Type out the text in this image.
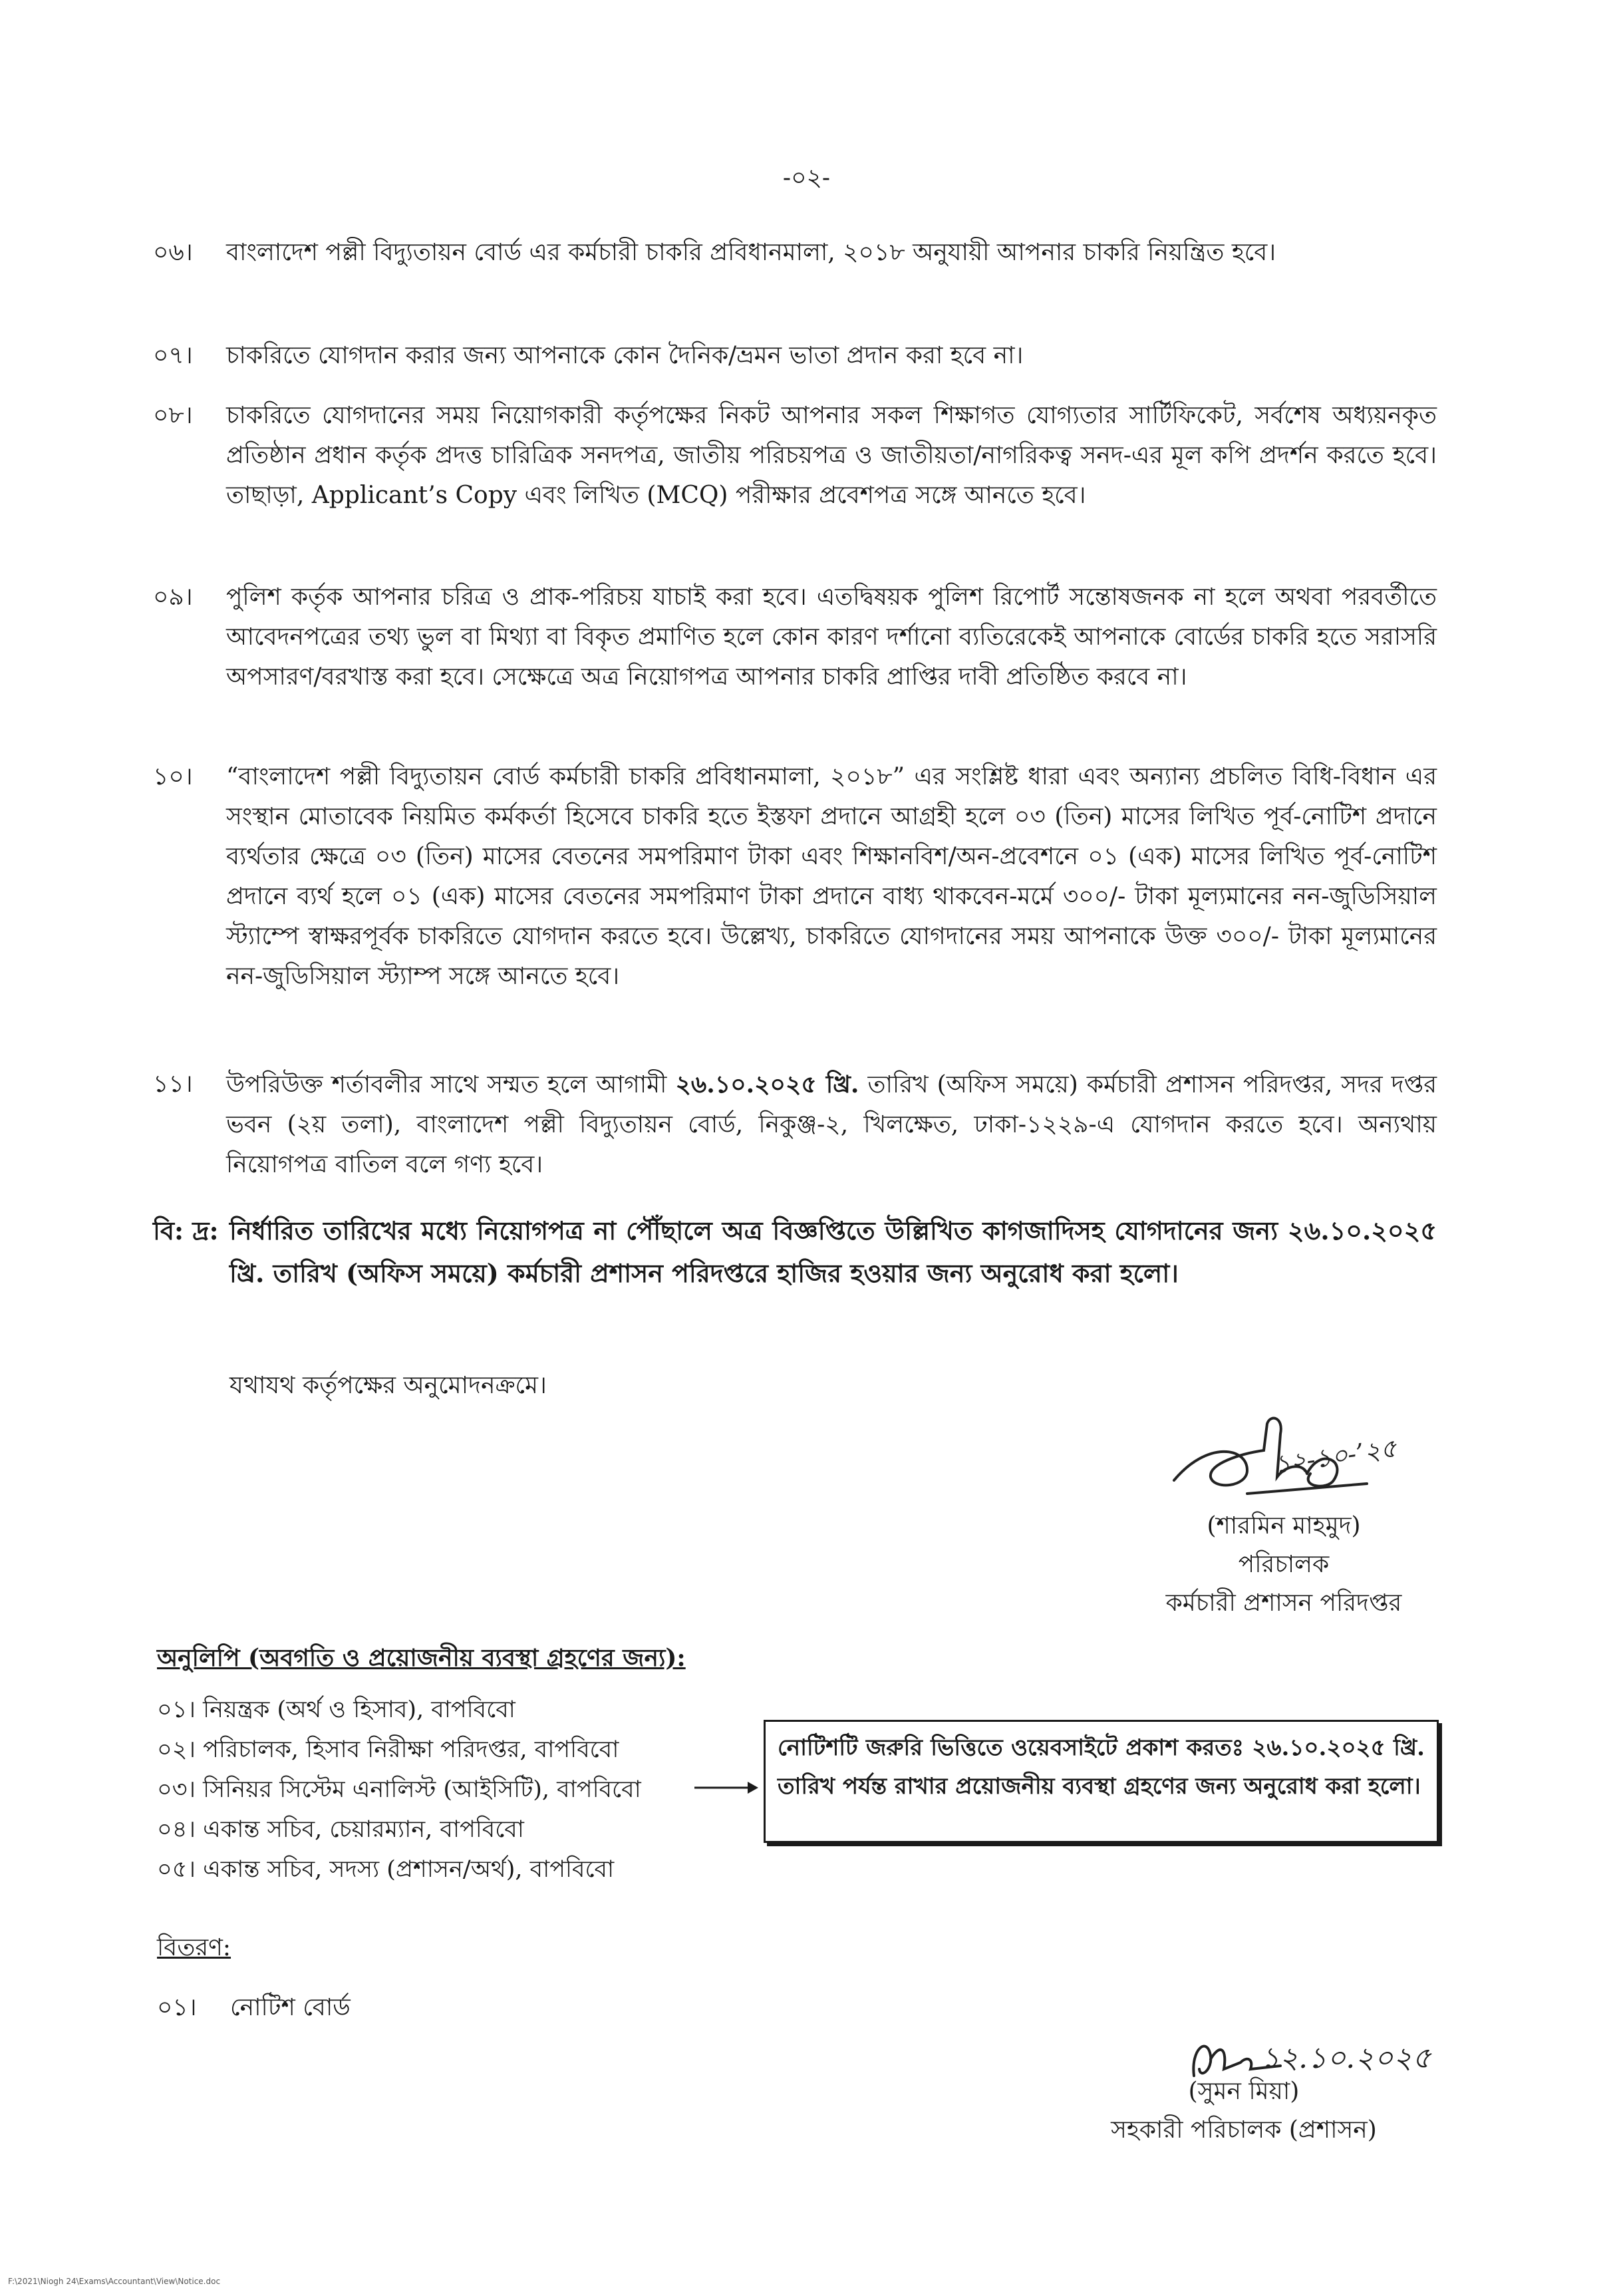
-০২-
০৬।	বাংলাদেশ পল্লী বিদ্যুতায়ন বোর্ড এর কর্মচারী চাকরি প্রবিধানমালা, ২০১৮ অনুযায়ী আপনার চাকরি নিয়ন্ত্রিত হবে।
০৭।	চাকরিতে যোগদান করার জন্য আপনাকে কোন দৈনিক/ভ্রমন ভাতা প্রদান করা হবে না।
০৮।	চাকরিতে যোগদানের সময় নিয়োগকারী কর্তৃপক্ষের নিকট আপনার সকল শিক্ষাগত যোগ্যতার সার্টিফিকেট, সর্বশেষ অধ্যয়নকৃত প্রতিষ্ঠান প্রধান কর্তৃক প্রদত্ত চারিত্রিক সনদপত্র, জাতীয় পরিচয়পত্র ও জাতীয়তা/নাগরিকত্ব সনদ-এর মূল কপি প্রদর্শন করতে হবে। তাছাড়া, Applicant’s Copy এবং লিখিত (MCQ) পরীক্ষার প্রবেশপত্র সঙ্গে আনতে হবে।
০৯।	পুলিশ কর্তৃক আপনার চরিত্র ও প্রাক-পরিচয় যাচাই করা হবে। এতদ্বিষয়ক পুলিশ রিপোর্ট সন্তোষজনক না হলে অথবা পরবর্তীতে আবেদনপত্রের তথ্য ভুল বা মিথ্যা বা বিকৃত প্রমাণিত হলে কোন কারণ দর্শানো ব্যতিরেকেই আপনাকে বোর্ডের চাকরি হতে সরাসরি অপসারণ/বরখাস্ত করা হবে। সেক্ষেত্রে অত্র নিয়োগপত্র আপনার চাকরি প্রাপ্তির দাবী প্রতিষ্ঠিত করবে না।
১০।	“বাংলাদেশ পল্লী বিদ্যুতায়ন বোর্ড কর্মচারী চাকরি প্রবিধানমালা, ২০১৮” এর সংশ্লিষ্ট ধারা এবং অন্যান্য প্রচলিত বিধি-বিধান এর সংস্থান মোতাবেক নিয়মিত কর্মকর্তা হিসেবে চাকরি হতে ইস্তফা প্রদানে আগ্রহী হলে ০৩ (তিন) মাসের লিখিত পূর্ব-নোটিশ প্রদানে ব্যর্থতার ক্ষেত্রে ০৩ (তিন) মাসের বেতনের সমপরিমাণ টাকা এবং শিক্ষানবিশ/অন-প্রবেশনে ০১ (এক) মাসের লিখিত পূর্ব-নোটিশ প্রদানে ব্যর্থ হলে ০১ (এক) মাসের বেতনের সমপরিমাণ টাকা প্রদানে বাধ্য থাকবেন-মর্মে ৩০০/- টাকা মূল্যমানের নন-জুডিসিয়াল স্ট্যাম্পে স্বাক্ষরপূর্বক চাকরিতে যোগদান করতে হবে। উল্লেখ্য, চাকরিতে যোগদানের সময় আপনাকে উক্ত ৩০০/- টাকা মূল্যমানের নন-জুডিসিয়াল স্ট্যাম্প সঙ্গে আনতে হবে।
১১।	উপরিউক্ত শর্তাবলীর সাথে সম্মত হলে আগামী ২৬.১০.২০২৫ খ্রি. তারিখ (অফিস সময়ে) কর্মচারী প্রশাসন পরিদপ্তর, সদর দপ্তর ভবন (২য় তলা), বাংলাদেশ পল্লী বিদ্যুতায়ন বোর্ড, নিকুঞ্জ-২, খিলক্ষেত, ঢাকা-১২২৯-এ যোগদান করতে হবে। অন্যথায় নিয়োগপত্র বাতিল বলে গণ্য হবে।
বি: দ্র: নির্ধারিত তারিখের মধ্যে নিয়োগপত্র না পৌঁছালে অত্র বিজ্ঞপ্তিতে উল্লিখিত কাগজাদিসহ যোগদানের জন্য ২৬.১০.২০২৫ খ্রি. তারিখ (অফিস সময়ে) কর্মচারী প্রশাসন পরিদপ্তরে হাজির হওয়ার জন্য অনুরোধ করা হলো।
যথাযথ কর্তৃপক্ষের অনুমোদনক্রমে।
১২-১০-’২৫
(শারমিন মাহমুদ)
পরিচালক
কর্মচারী প্রশাসন পরিদপ্তর
অনুলিপি (অবগতি ও প্রয়োজনীয় ব্যবস্থা গ্রহণের জন্য):
০১। নিয়ন্ত্রক (অর্থ ও হিসাব), বাপবিবো
০২। পরিচালক, হিসাব নিরীক্ষা পরিদপ্তর, বাপবিবো
০৩। সিনিয়র সিস্টেম এনালিস্ট (আইসিটি), বাপবিবো
০৪। একান্ত সচিব, চেয়ারম্যান, বাপবিবো
০৫। একান্ত সচিব, সদস্য (প্রশাসন/অর্থ), বাপবিবো
নোটিশটি জরুরি ভিত্তিতে ওয়েবসাইটে প্রকাশ করতঃ ২৬.১০.২০২৫ খ্রি. তারিখ পর্যন্ত রাখার প্রয়োজনীয় ব্যবস্থা গ্রহণের জন্য অনুরোধ করা হলো।
বিতরণ:
০১। নোটিশ বোর্ড
১২.১০.২০২৫
(সুমন মিয়া)
সহকারী পরিচালক (প্রশাসন)
F:\2021\Niogh 24\Exams\Accountant\View\Notice.doc
